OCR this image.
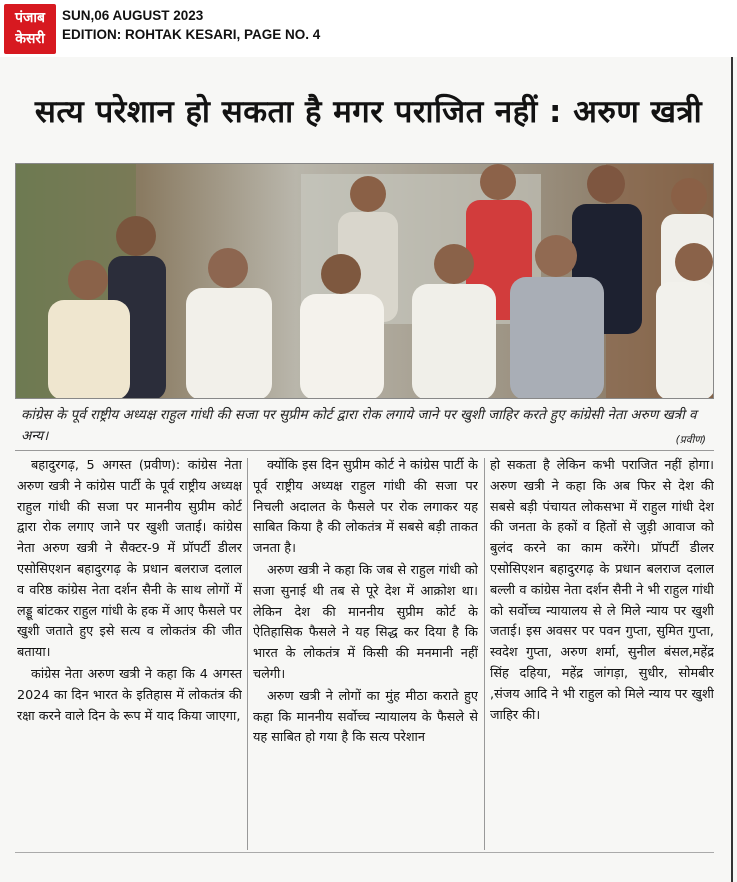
पंजाब
केसरी
SUN,06 AUGUST 2023
EDITION: ROHTAK KESARI, PAGE NO. 4
सत्य परेशान हो सकता है मगर पराजित नहीं : अरुण खत्री
कांग्रेस के पूर्व राष्ट्रीय अध्यक्ष राहुल गांधी की सजा पर सुप्रीम कोर्ट द्वारा रोक लगाये जाने पर खुशी जाहिर करते हुए कांग्रेसी नेता अरुण खत्री व अन्य।	(प्रवीण)

बहादुरगढ़, 5 अगस्त (प्रवीण): कांग्रेस नेता अरुण खत्री ने कांग्रेस पार्टी के पूर्व राष्ट्रीय अध्यक्ष राहुल गांधी की सजा पर माननीय सुप्रीम कोर्ट द्वारा रोक लगाए जाने पर खुशी जताई। कांग्रेस नेता अरुण खत्री ने सैक्टर-9 में प्रॉपर्टी डीलर एसोसिएशन बहादुरगढ़ के प्रधान बलराज दलाल व वरिष्ठ कांग्रेस नेता दर्शन सैनी के साथ लोगों में लड्डू बांटकर राहुल गांधी के हक में आए फैसले पर खुशी जताते हुए इसे सत्य व लोकतंत्र की जीत बताया।

कांग्रेस नेता अरुण खत्री ने कहा कि 4 अगस्त 2024 का दिन भारत के इतिहास में लोकतंत्र की रक्षा करने वाले दिन के रूप में याद किया जाएगा,

क्योंकि इस दिन सुप्रीम कोर्ट ने कांग्रेस पार्टी के पूर्व राष्ट्रीय अध्यक्ष राहुल गांधी की सजा पर निचली अदालत के फैसले पर रोक लगाकर यह साबित किया है की लोकतंत्र में सबसे बड़ी ताकत जनता है।

अरुण खत्री ने कहा कि जब से राहुल गांधी को सजा सुनाई थी तब से पूरे देश में आक्रोश था। लेकिन देश की माननीय सुप्रीम कोर्ट के ऐतिहासिक फैसले ने यह सिद्ध कर दिया है कि भारत के लोकतंत्र में किसी की मनमानी नहीं चलेगी।

अरुण खत्री ने लोगों का मुंह मीठा कराते हुए कहा कि माननीय सर्वोच्च न्यायालय के फैसले से यह साबित हो गया है कि सत्य परेशान

हो सकता है लेकिन कभी पराजित नहीं होगा। अरुण खत्री ने कहा कि अब फिर से देश की सबसे बड़ी पंचायत लोकसभा में राहुल गांधी देश की जनता के हकों व हितों से जुड़ी आवाज को बुलंद करने का काम करेंगे। प्रॉपर्टी डीलर एसोसिएशन बहादुरगढ़ के प्रधान बलराज दलाल बल्ली व कांग्रेस नेता दर्शन सैनी ने भी राहुल गांधी को सर्वोच्च न्यायालय से ले मिले न्याय पर खुशी जताई। इस अवसर पर पवन गुप्ता, सुमित गुप्ता, स्वदेश गुप्ता, अरुण शर्मा, सुनील बंसल,महेंद्र सिंह दहिया, महेंद्र जांगड़ा, सुधीर, सोमबीर ,संजय आदि ने भी राहुल को मिले न्याय पर खुशी जाहिर की।
